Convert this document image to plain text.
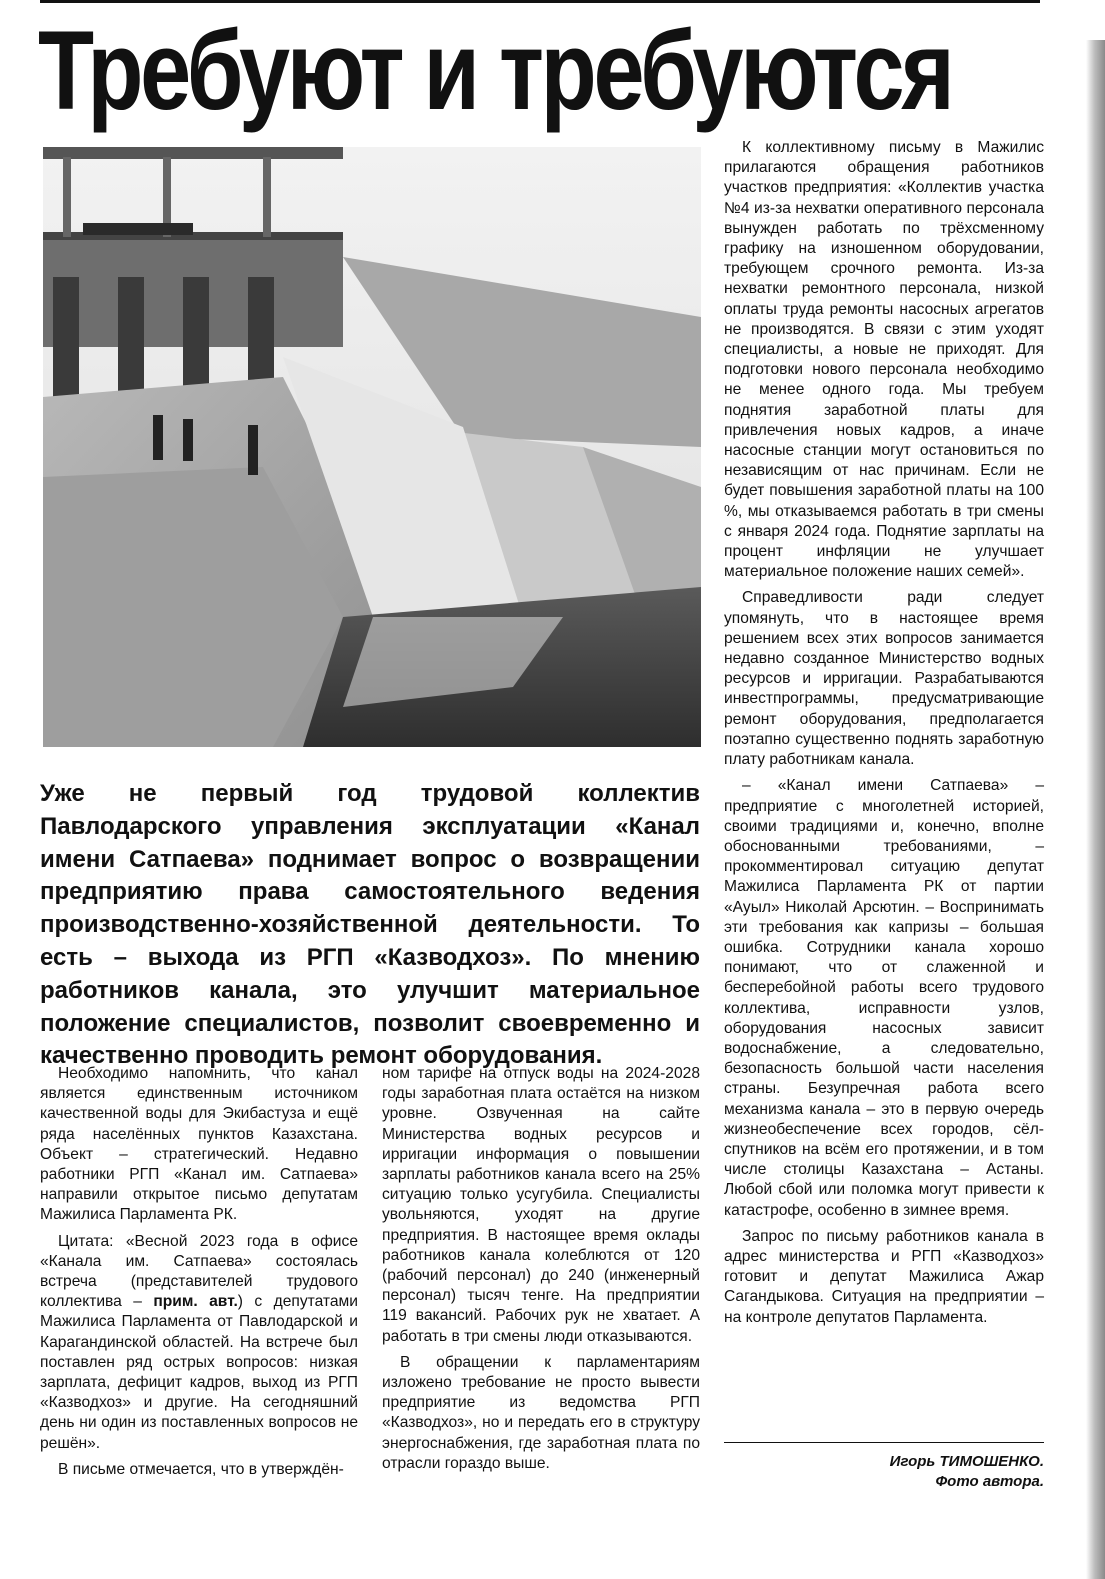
Требуют и требуются

Уже не первый год трудовой коллектив Павлодарского управления эксплуатации «Канал имени Сатпаева» поднимает вопрос о возвращении предприятию права самостоятельного ведения производственно-хозяйственной деятельности. То есть – выхода из РГП «Казводхоз». По мнению работников канала, это улучшит материальное положение специалистов, позволит своевременно и качественно проводить ремонт оборудования.

Необходимо напомнить, что канал является единственным источником качественной воды для Экибастуза и ещё ряда населённых пунктов Казахстана. Объект – стратегический. Недавно работники РГП «Канал им. Сатпаева» направили открытое письмо депутатам Мажилиса Парламента РК.

Цитата: «Весной 2023 года в офисе «Канала им. Сатпаева» состоялась встреча (представителей трудового коллектива – прим. авт.) с депутатами Мажилиса Парламента от Павлодарской и Карагандинской областей. На встрече был поставлен ряд острых вопросов: низкая зарплата, дефицит кадров, выход из РГП «Казводхоз» и другие. На сегодняшний день ни один из поставленных вопросов не решён».

В письме отмечается, что в утверждён-

ном тарифе на отпуск воды на 2024-2028 годы заработная плата остаётся на низком уровне. Озвученная на сайте Министерства водных ресурсов и ирригации информация о повышении зарплаты работников канала всего на 25% ситуацию только усугубила. Специалисты увольняются, уходят на другие предприятия. В настоящее время оклады работников канала колеблются от 120 (рабочий персонал) до 240 (инженерный персонал) тысяч тенге. На предприятии 119 вакансий. Рабочих рук не хватает. А работать в три смены люди отказываются.

В обращении к парламентариям изложено требование не просто вывести предприятие из ведомства РГП «Казводхоз», но и передать его в структуру энергоснабжения, где заработная плата по отрасли гораздо выше.

К коллективному письму в Мажилис прилагаются обращения работников участков предприятия: «Коллектив участка №4 из-за нехватки оперативного персонала вынужден работать по трёхсменному графику на изношенном оборудовании, требующем срочного ремонта. Из-за нехватки ремонтного персонала, низкой оплаты труда ремонты насосных агрегатов не производятся. В связи с этим уходят специалисты, а новые не приходят. Для подготовки нового персонала необходимо не менее одного года. Мы требуем поднятия заработной платы для привлечения новых кадров, а иначе насосные станции могут остановиться по независящим от нас причинам. Если не будет повышения заработной платы на 100 %, мы отказываемся работать в три смены с января 2024 года. Поднятие зарплаты на процент инфляции не улучшает материальное положение наших семей».

Справедливости ради следует упомянуть, что в настоящее время решением всех этих вопросов занимается недавно созданное Министерство водных ресурсов и ирригации. Разрабатываются инвестпрограммы, предусматривающие ремонт оборудования, предполагается поэтапно существенно поднять заработную плату работникам канала.

– «Канал имени Сатпаева» – предприятие с многолетней историей, своими традициями и, конечно, вполне обоснованными требованиями, – прокомментировал ситуацию депутат Мажилиса Парламента РК от партии «Ауыл» Николай Арсютин. – Воспринимать эти требования как капризы – большая ошибка. Сотрудники канала хорошо понимают, что от слаженной и бесперебойной работы всего трудового коллектива, исправности узлов, оборудования насосных зависит водоснабжение, а следовательно, безопасность большой части населения страны. Безупречная работа всего механизма канала – это в первую очередь жизнеобеспечение всех городов, сёл-спутников на всём его протяжении, и в том числе столицы Казахстана – Астаны. Любой сбой или поломка могут привести к катастрофе, особенно в зимнее время.

Запрос по письму работников канала в адрес министерства и РГП «Казводхоз» готовит и депутат Мажилиса Ажар Сагандыкова. Ситуация на предприятии – на контроле депутатов Парламента.

Игорь ТИМОШЕНКО.
Фото автора.
